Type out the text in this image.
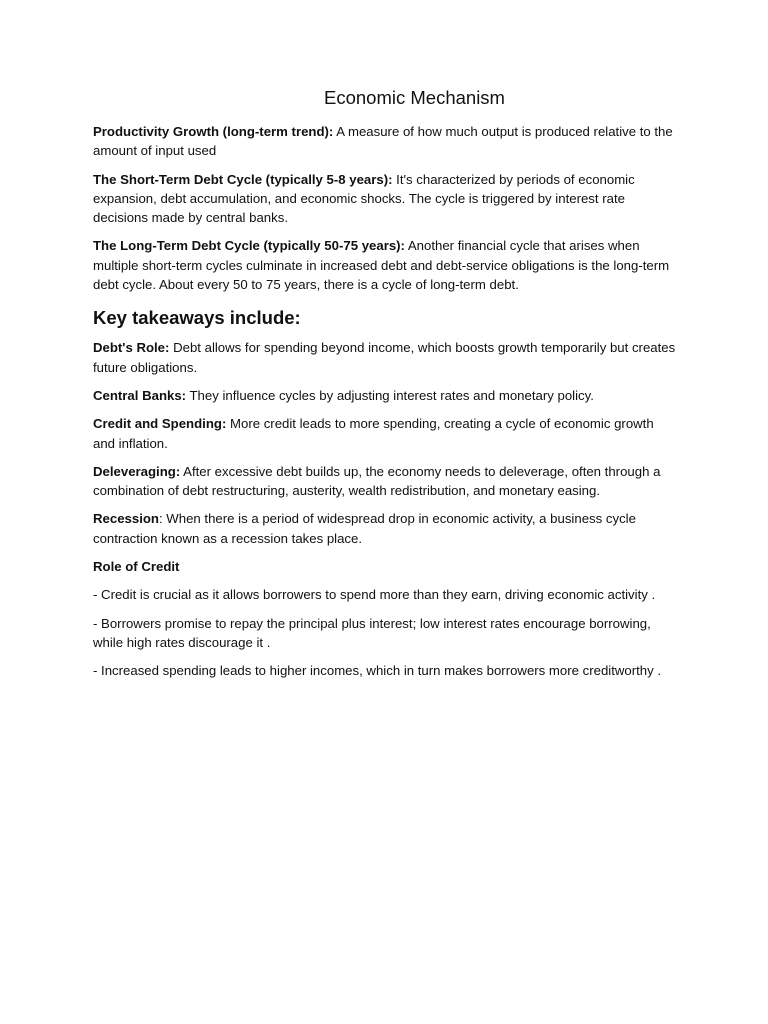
Economic Mechanism

Productivity Growth (long-term trend): A measure of how much output is produced relative to the amount of input used

The Short-Term Debt Cycle (typically 5-8 years): It's characterized by periods of economic expansion, debt accumulation, and economic shocks. The cycle is triggered by interest rate decisions made by central banks.

The Long-Term Debt Cycle (typically 50-75 years): Another financial cycle that arises when multiple short-term cycles culminate in increased debt and debt-service obligations is the long-term debt cycle. About every 50 to 75 years, there is a cycle of long-term debt.

Key takeaways include:

Debt's Role: Debt allows for spending beyond income, which boosts growth temporarily but creates future obligations.

Central Banks: They influence cycles by adjusting interest rates and monetary policy.

Credit and Spending: More credit leads to more spending, creating a cycle of economic growth and inflation.

Deleveraging: After excessive debt builds up, the economy needs to deleverage, often through a combination of debt restructuring, austerity, wealth redistribution, and monetary easing.

Recession: When there is a period of widespread drop in economic activity, a business cycle contraction known as a recession takes place.

Role of Credit

- Credit is crucial as it allows borrowers to spend more than they earn, driving economic activity .

- Borrowers promise to repay the principal plus interest; low interest rates encourage borrowing, while high rates discourage it .

- Increased spending leads to higher incomes, which in turn makes borrowers more creditworthy .
